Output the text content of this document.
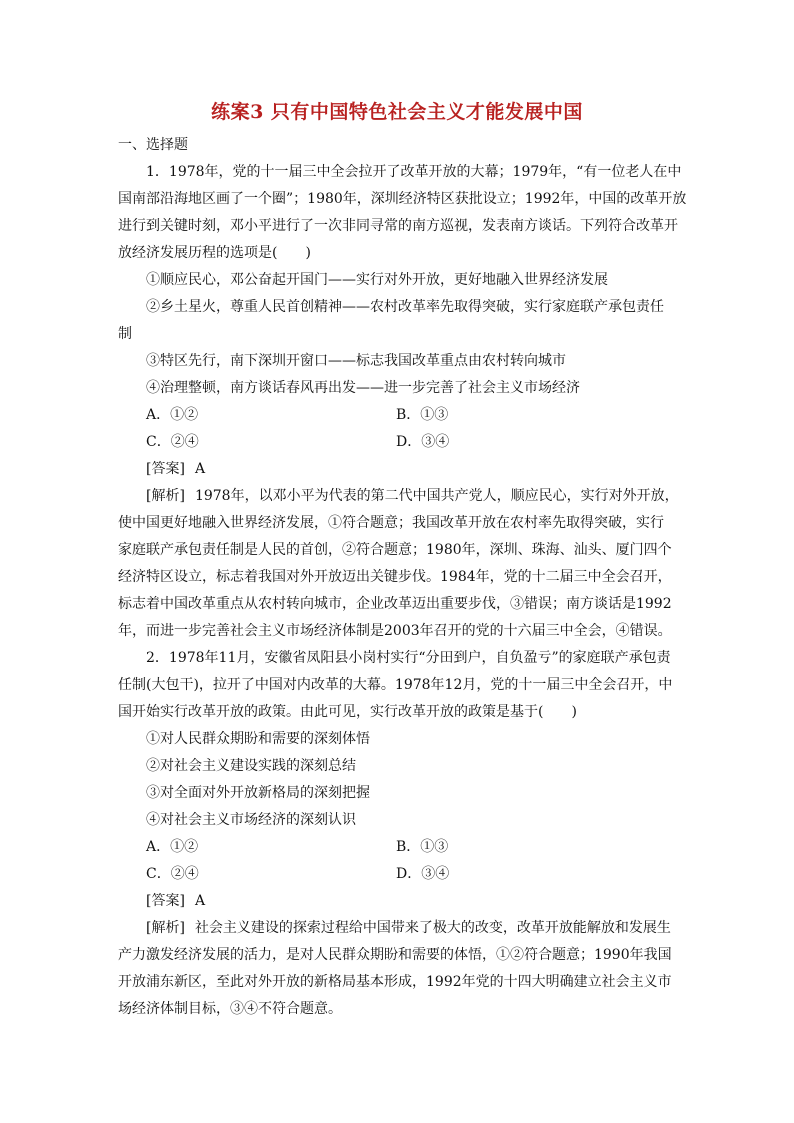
练案3 只有中国特色社会主义才能发展中国
一、选择题
1．1978年，党的十一届三中全会拉开了改革开放的大幕；1979年，“有一位老人在中
国南部沿海地区画了一个圈”；1980年，深圳经济特区获批设立；1992年，中国的改革开放
进行到关键时刻，邓小平进行了一次非同寻常的南方巡视，发表南方谈话。下列符合改革开
放经济发展历程的选项是(　　)
①顺应民心，邓公奋起开国门——实行对外开放，更好地融入世界经济发展
②乡土星火，尊重人民首创精神——农村改革率先取得突破，实行家庭联产承包责任
制
③特区先行，南下深圳开窗口——标志我国改革重点由农村转向城市
④治理整顿，南方谈话春风再出发——进一步完善了社会主义市场经济
A．①②	B．①③
C．②④	D．③④
[答案] A
[解析] 1978年，以邓小平为代表的第二代中国共产党人，顺应民心，实行对外开放，
使中国更好地融入世界经济发展，①符合题意；我国改革开放在农村率先取得突破，实行
家庭联产承包责任制是人民的首创，②符合题意；1980年，深圳、珠海、汕头、厦门四个
经济特区设立，标志着我国对外开放迈出关键步伐。1984年，党的十二届三中全会召开，
标志着中国改革重点从农村转向城市，企业改革迈出重要步伐，③错误；南方谈话是1992
年，而进一步完善社会主义市场经济体制是2003年召开的党的十六届三中全会，④错误。
2．1978年11月，安徽省凤阳县小岗村实行“分田到户，自负盈亏”的家庭联产承包责
任制(大包干)，拉开了中国对内改革的大幕。1978年12月，党的十一届三中全会召开，中
国开始实行改革开放的政策。由此可见，实行改革开放的政策是基于(　　)
①对人民群众期盼和需要的深刻体悟
②对社会主义建设实践的深刻总结
③对全面对外开放新格局的深刻把握
④对社会主义市场经济的深刻认识
A．①②	B．①③
C．②④	D．③④
[答案] A
[解析] 社会主义建设的探索过程给中国带来了极大的改变，改革开放能解放和发展生
产力激发经济发展的活力，是对人民群众期盼和需要的体悟，①②符合题意；1990年我国
开放浦东新区，至此对外开放的新格局基本形成，1992年党的十四大明确建立社会主义市
场经济体制目标，③④不符合题意。
